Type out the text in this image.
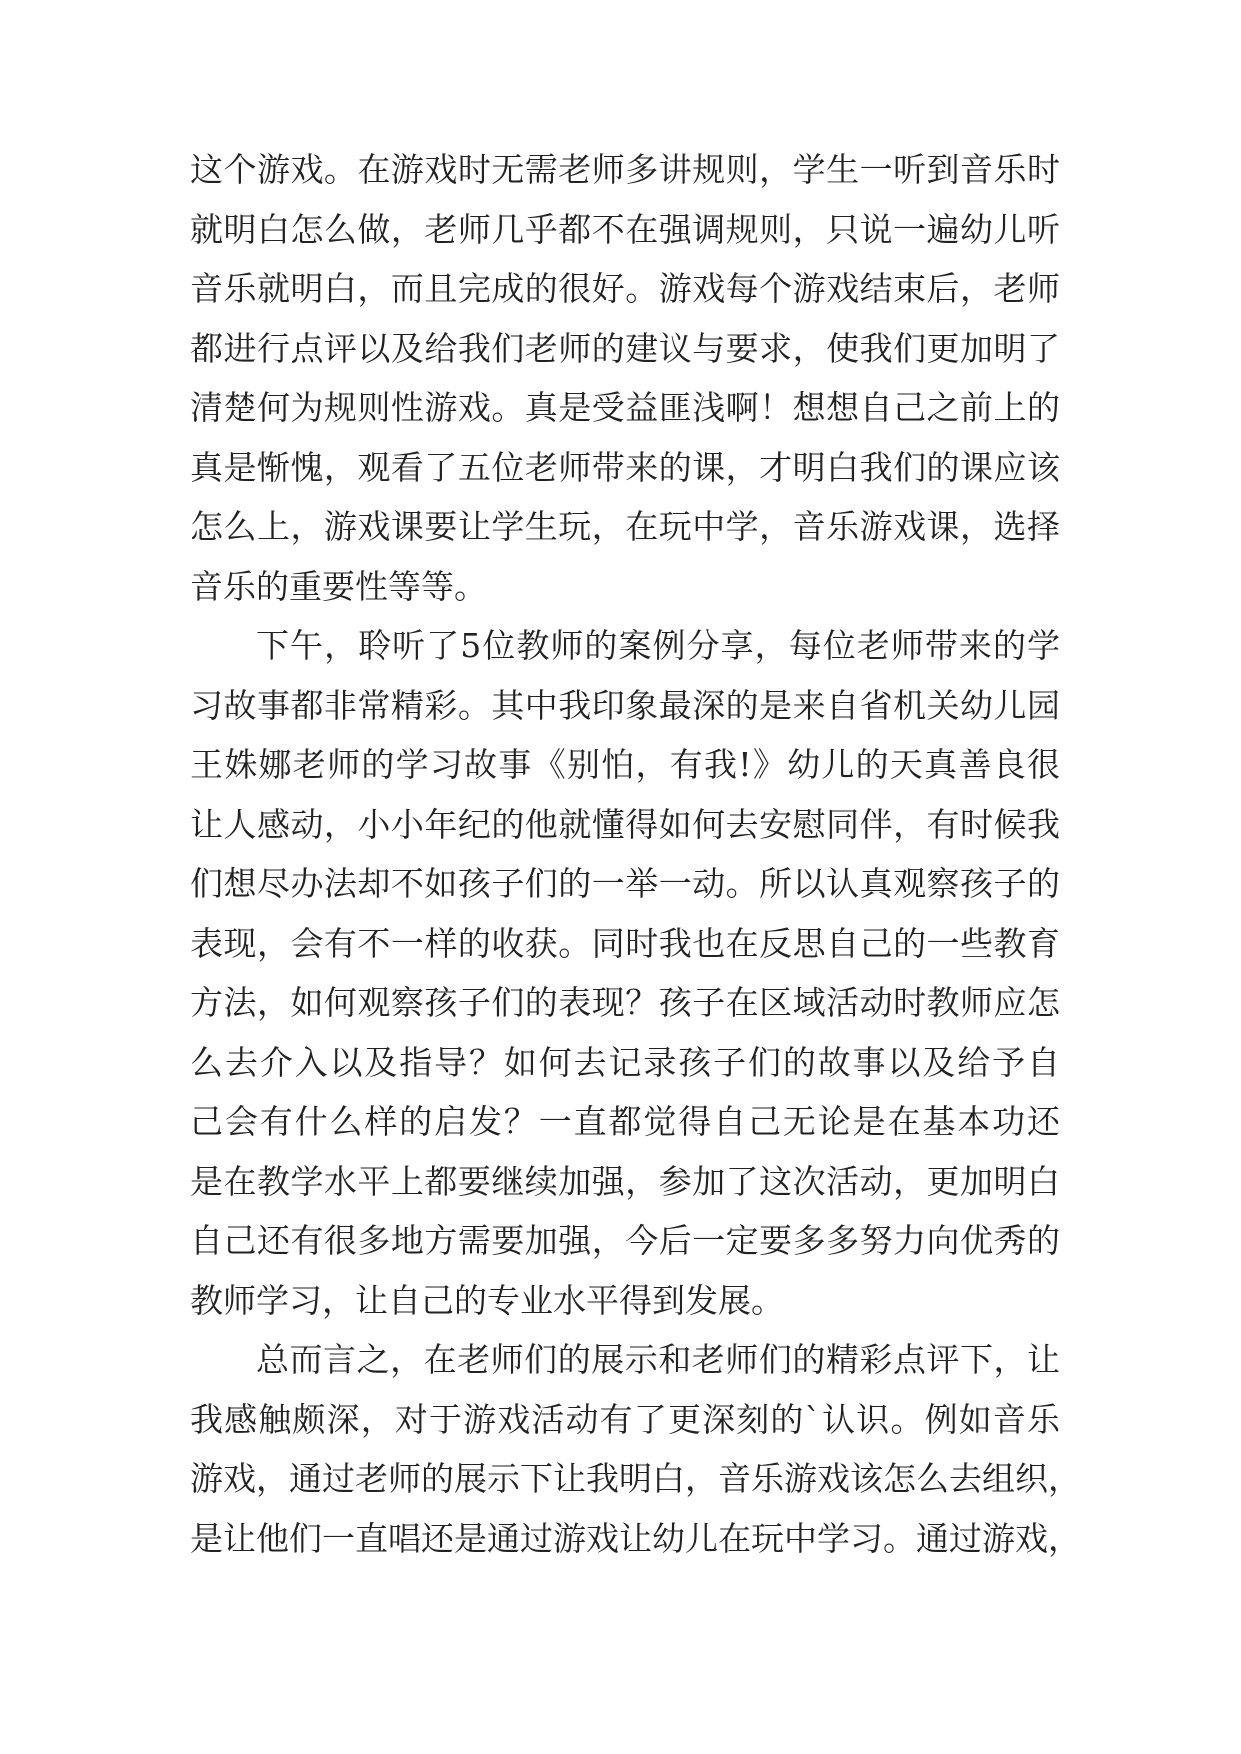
这个游戏。在游戏时无需老师多讲规则，学生一听到音乐时
就明白怎么做，老师几乎都不在强调规则，只说一遍幼儿听
音乐就明白，而且完成的很好。游戏每个游戏结束后，老师
都进行点评以及给我们老师的建议与要求，使我们更加明了
清楚何为规则性游戏。真是受益匪浅啊！想想自己之前上的
真是惭愧，观看了五位老师带来的课，才明白我们的课应该
怎么上，游戏课要让学生玩，在玩中学，音乐游戏课，选择
音乐的重要性等等。
下午，聆听了5位教师的案例分享，每位老师带来的学
习故事都非常精彩。其中我印象最深的是来自省机关幼儿园
王姝娜老师的学习故事《别怕，有我!》幼儿的天真善良很
让人感动，小小年纪的他就懂得如何去安慰同伴，有时候我
们想尽办法却不如孩子们的一举一动。所以认真观察孩子的
表现，会有不一样的收获。同时我也在反思自己的一些教育
方法，如何观察孩子们的表现？孩子在区域活动时教师应怎
么去介入以及指导？如何去记录孩子们的故事以及给予自
己会有什么样的启发？一直都觉得自己无论是在基本功还
是在教学水平上都要继续加强，参加了这次活动，更加明白
自己还有很多地方需要加强，今后一定要多多努力向优秀的
教师学习，让自己的专业水平得到发展。
总而言之，在老师们的展示和老师们的精彩点评下，让
我感触颇深，对于游戏活动有了更深刻的`认识。例如音乐
游戏，通过老师的展示下让我明白，音乐游戏该怎么去组织，
是让他们一直唱还是通过游戏让幼儿在玩中学习。通过游戏，
